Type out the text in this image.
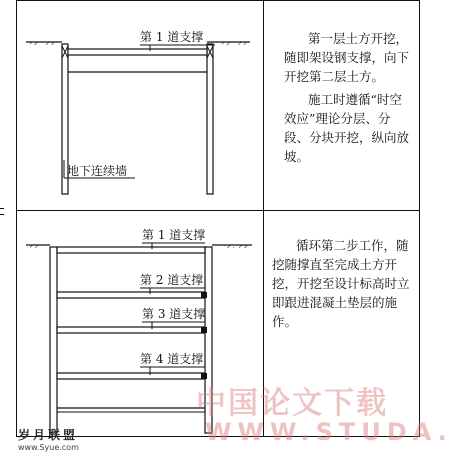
第 1 道支撑
地下连续墙
第 1 道支撑
第 2 道支撑
第 3 道支撑
第 4 道支撑

第一层土方开挖，随即架设钢支撑，向下开挖第二层土方。

施工时遵循“时空效应”理论分层、分段、分块开挖，纵向放坡。

循环第二步工作，随挖随撑直至完成土方开挖，开挖至设计标高时立即跟进混凝土垫层的施作。

中国论文下载
WWW.STUDA.
岁月联盟
www.Syue.com
